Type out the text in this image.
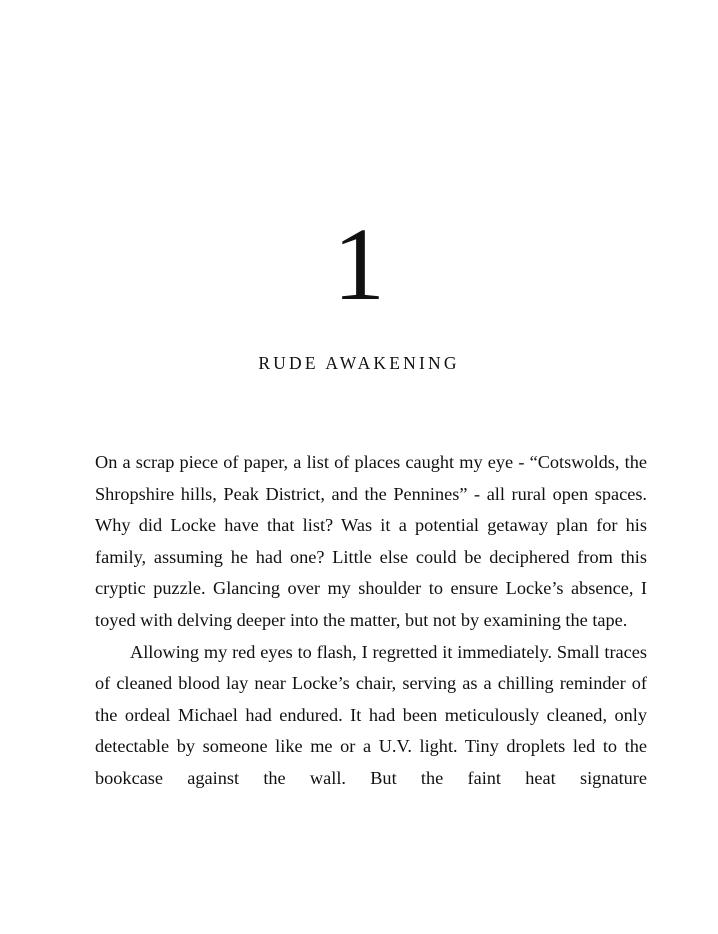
1
RUDE AWAKENING

On a scrap piece of paper, a list of places caught my eye - “Cotswolds, the Shropshire hills, Peak District, and the Pennines” - all rural open spaces. Why did Locke have that list? Was it a potential getaway plan for his family, assuming he had one? Little else could be deciphered from this cryptic puzzle. Glancing over my shoulder to ensure Locke’s absence, I toyed with delving deeper into the matter, but not by examining the tape.

Allowing my red eyes to flash, I regretted it immediately. Small traces of cleaned blood lay near Locke’s chair, serving as a chilling reminder of the ordeal Michael had endured. It had been meticulously cleaned, only detectable by someone like me or a U.V. light. Tiny droplets led to the bookcase against the wall. But the faint heat signature
